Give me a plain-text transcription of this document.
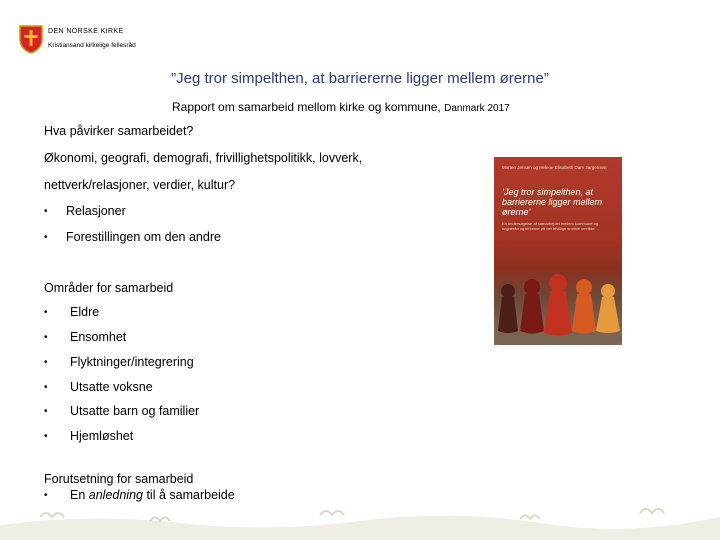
DEN NORSKE KIRKE
Kristiansand kirkelige fellesråd
”Jeg tror simpelthen, at barriererne ligger mellem ørerne”
Rapport om samarbeid mellom kirke og kommune, Danmark 2017
Hva påvirker samarbeidet?
Økonomi, geografi, demografi, frivillighetspolitikk, lovverk,
nettverk/relasjoner, verdier, kultur?
• Relasjoner
• Forestillingen om den andre
Områder for samarbeid
• Eldre
• Ensomhet
• Flyktninger/integrering
• Utsatte voksne
• Utsatte barn og familier
• Hjemløshet
Forutsetning for samarbeid
• En anledning til å samarbeide
Morten Jensen og Helene Elisabeth Dam Jørgensen
‘Jeg tror simpelthen, at barriererne ligger mellem ørerne’
En undersøgelse af samarbejdet mellem kommune og sogneråd og kirkerne på det frivillige sociale område
